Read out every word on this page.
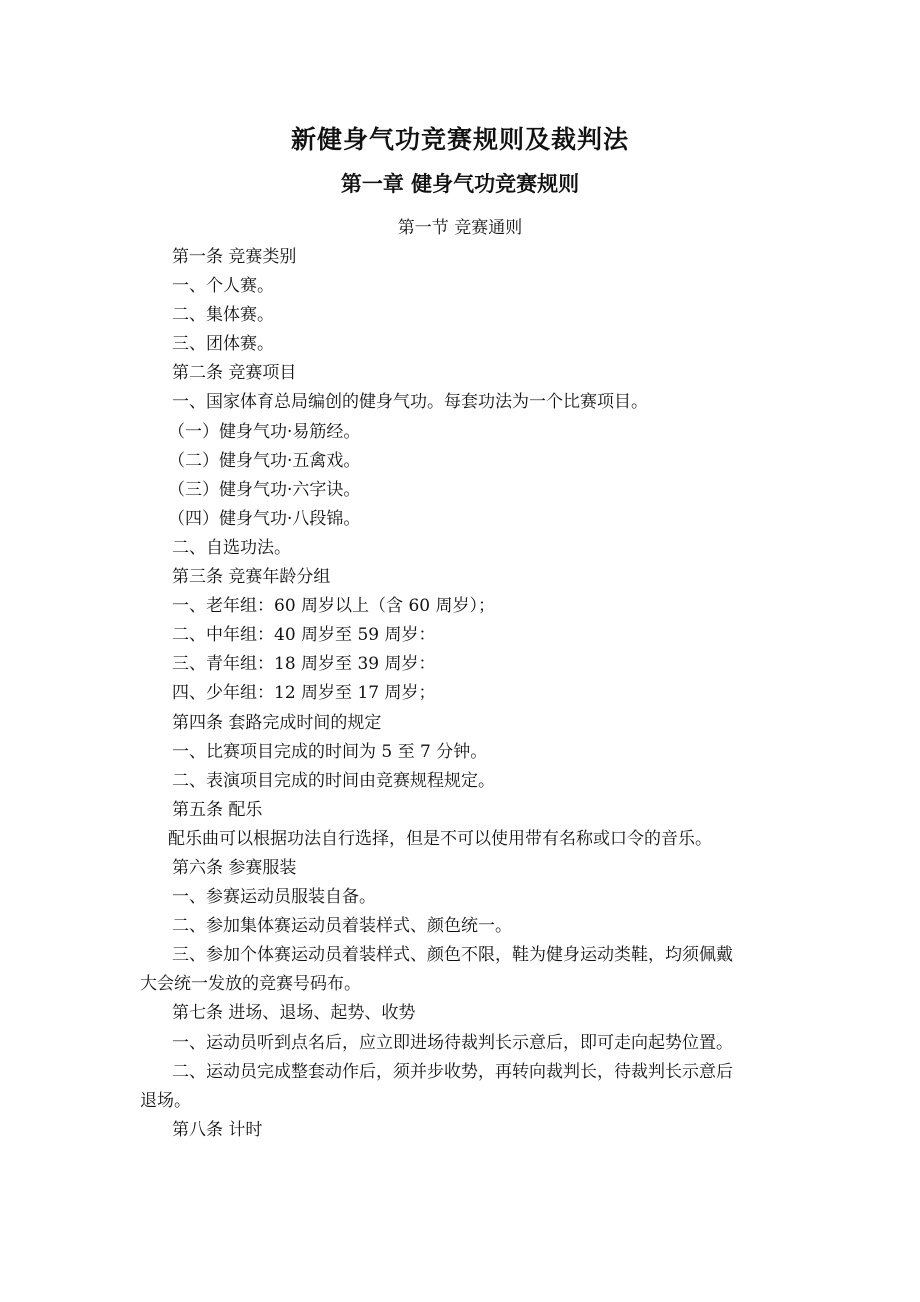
新健身气功竞赛规则及裁判法
第一章 健身气功竞赛规则
第一节 竞赛通则
第一条 竞赛类别
一、个人赛。
二、集体赛。
三、团体赛。
第二条 竞赛项目
一、国家体育总局编创的健身气功。每套功法为一个比赛项目。
（一）健身气功·易筋经。
（二）健身气功·五禽戏。
（三）健身气功·六字诀。
（四）健身气功·八段锦。
二、自选功法。
第三条 竞赛年龄分组
一、老年组：60 周岁以上（含 60 周岁）；
二、中年组：40 周岁至 59 周岁：
三、青年组：18 周岁至 39 周岁：
四、少年组：12 周岁至 17 周岁；
第四条 套路完成时间的规定
一、比赛项目完成的时间为 5 至 7 分钟。
二、表演项目完成的时间由竞赛规程规定。
第五条 配乐
配乐曲可以根据功法自行选择，但是不可以使用带有名称或口令的音乐。
第六条 参赛服装
一、参赛运动员服装自备。
二、参加集体赛运动员着装样式、颜色统一。
三、参加个体赛运动员着装样式、颜色不限，鞋为健身运动类鞋，均须佩戴
大会统一发放的竞赛号码布。
第七条 进场、退场、起势、收势
一、运动员听到点名后，应立即进场待裁判长示意后，即可走向起势位置。
二、运动员完成整套动作后，须并步收势，再转向裁判长，待裁判长示意后
退场。
第八条 计时
